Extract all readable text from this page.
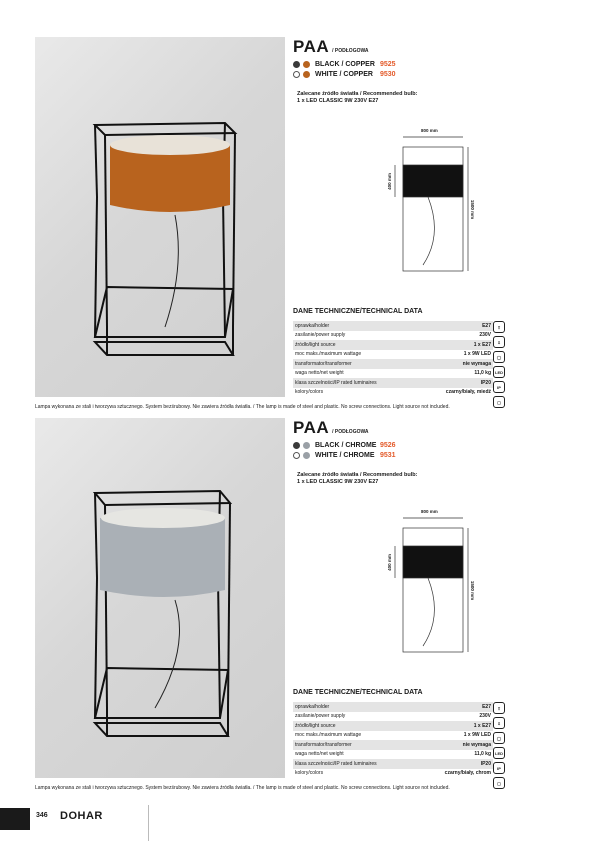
PAA / PODŁOGOWA
BLACK / COPPER 9525
WHITE / COPPER	9530
Zalecane źródło światła / Recommended bulb:
1 x LED CLASSIC 9W 230V E27
800 mm
400 mm
1500 mm
DANE TECHNICZNE/TECHNICAL DATA
oprawka/holder	E27
zasilanie/power supply	230V
źródło/light source	1 x E27
moc maks./maximum wattage	1 x 9W LED
transformator/transformer	nie wymaga
waga netto/net weight	11,0 kg
klasa szczelności/IP rated luminaires	IP20
kolory/colors	czarny/biały, miedź
⇧
⇩
◯
LED
IP
▢
Lampa wykonana ze stali i tworzywa sztucznego. System bezśrubowy. Nie zawiera źródła światła. / The lamp is made of steel and plastic. No screw connections. Light source not included.
PAA / PODŁOGOWA
BLACK / CHROME 9526
WHITE / CHROME 9531
Zalecane źródło światła / Recommended bulb:
1 x LED CLASSIC 9W 230V E27
800 mm
400 mm
1500 mm
DANE TECHNICZNE/TECHNICAL DATA
oprawka/holder	E27
zasilanie/power supply	230V
źródło/light source	1 x E27
moc maks./maximum wattage	1 x 9W LED
transformator/transformer	nie wymaga
waga netto/net weight	11,0 kg
klasa szczelności/IP rated luminaires	IP20
kolory/colors	czarny/biały, chrom
⇧
⇩
◯
LED
IP
▢
Lampa wykonana ze stali i tworzywa sztucznego. System bezśrubowy. Nie zawiera źródła światła. / The lamp is made of steel and plastic. No screw connections. Light source not included.
346 DOHAR
